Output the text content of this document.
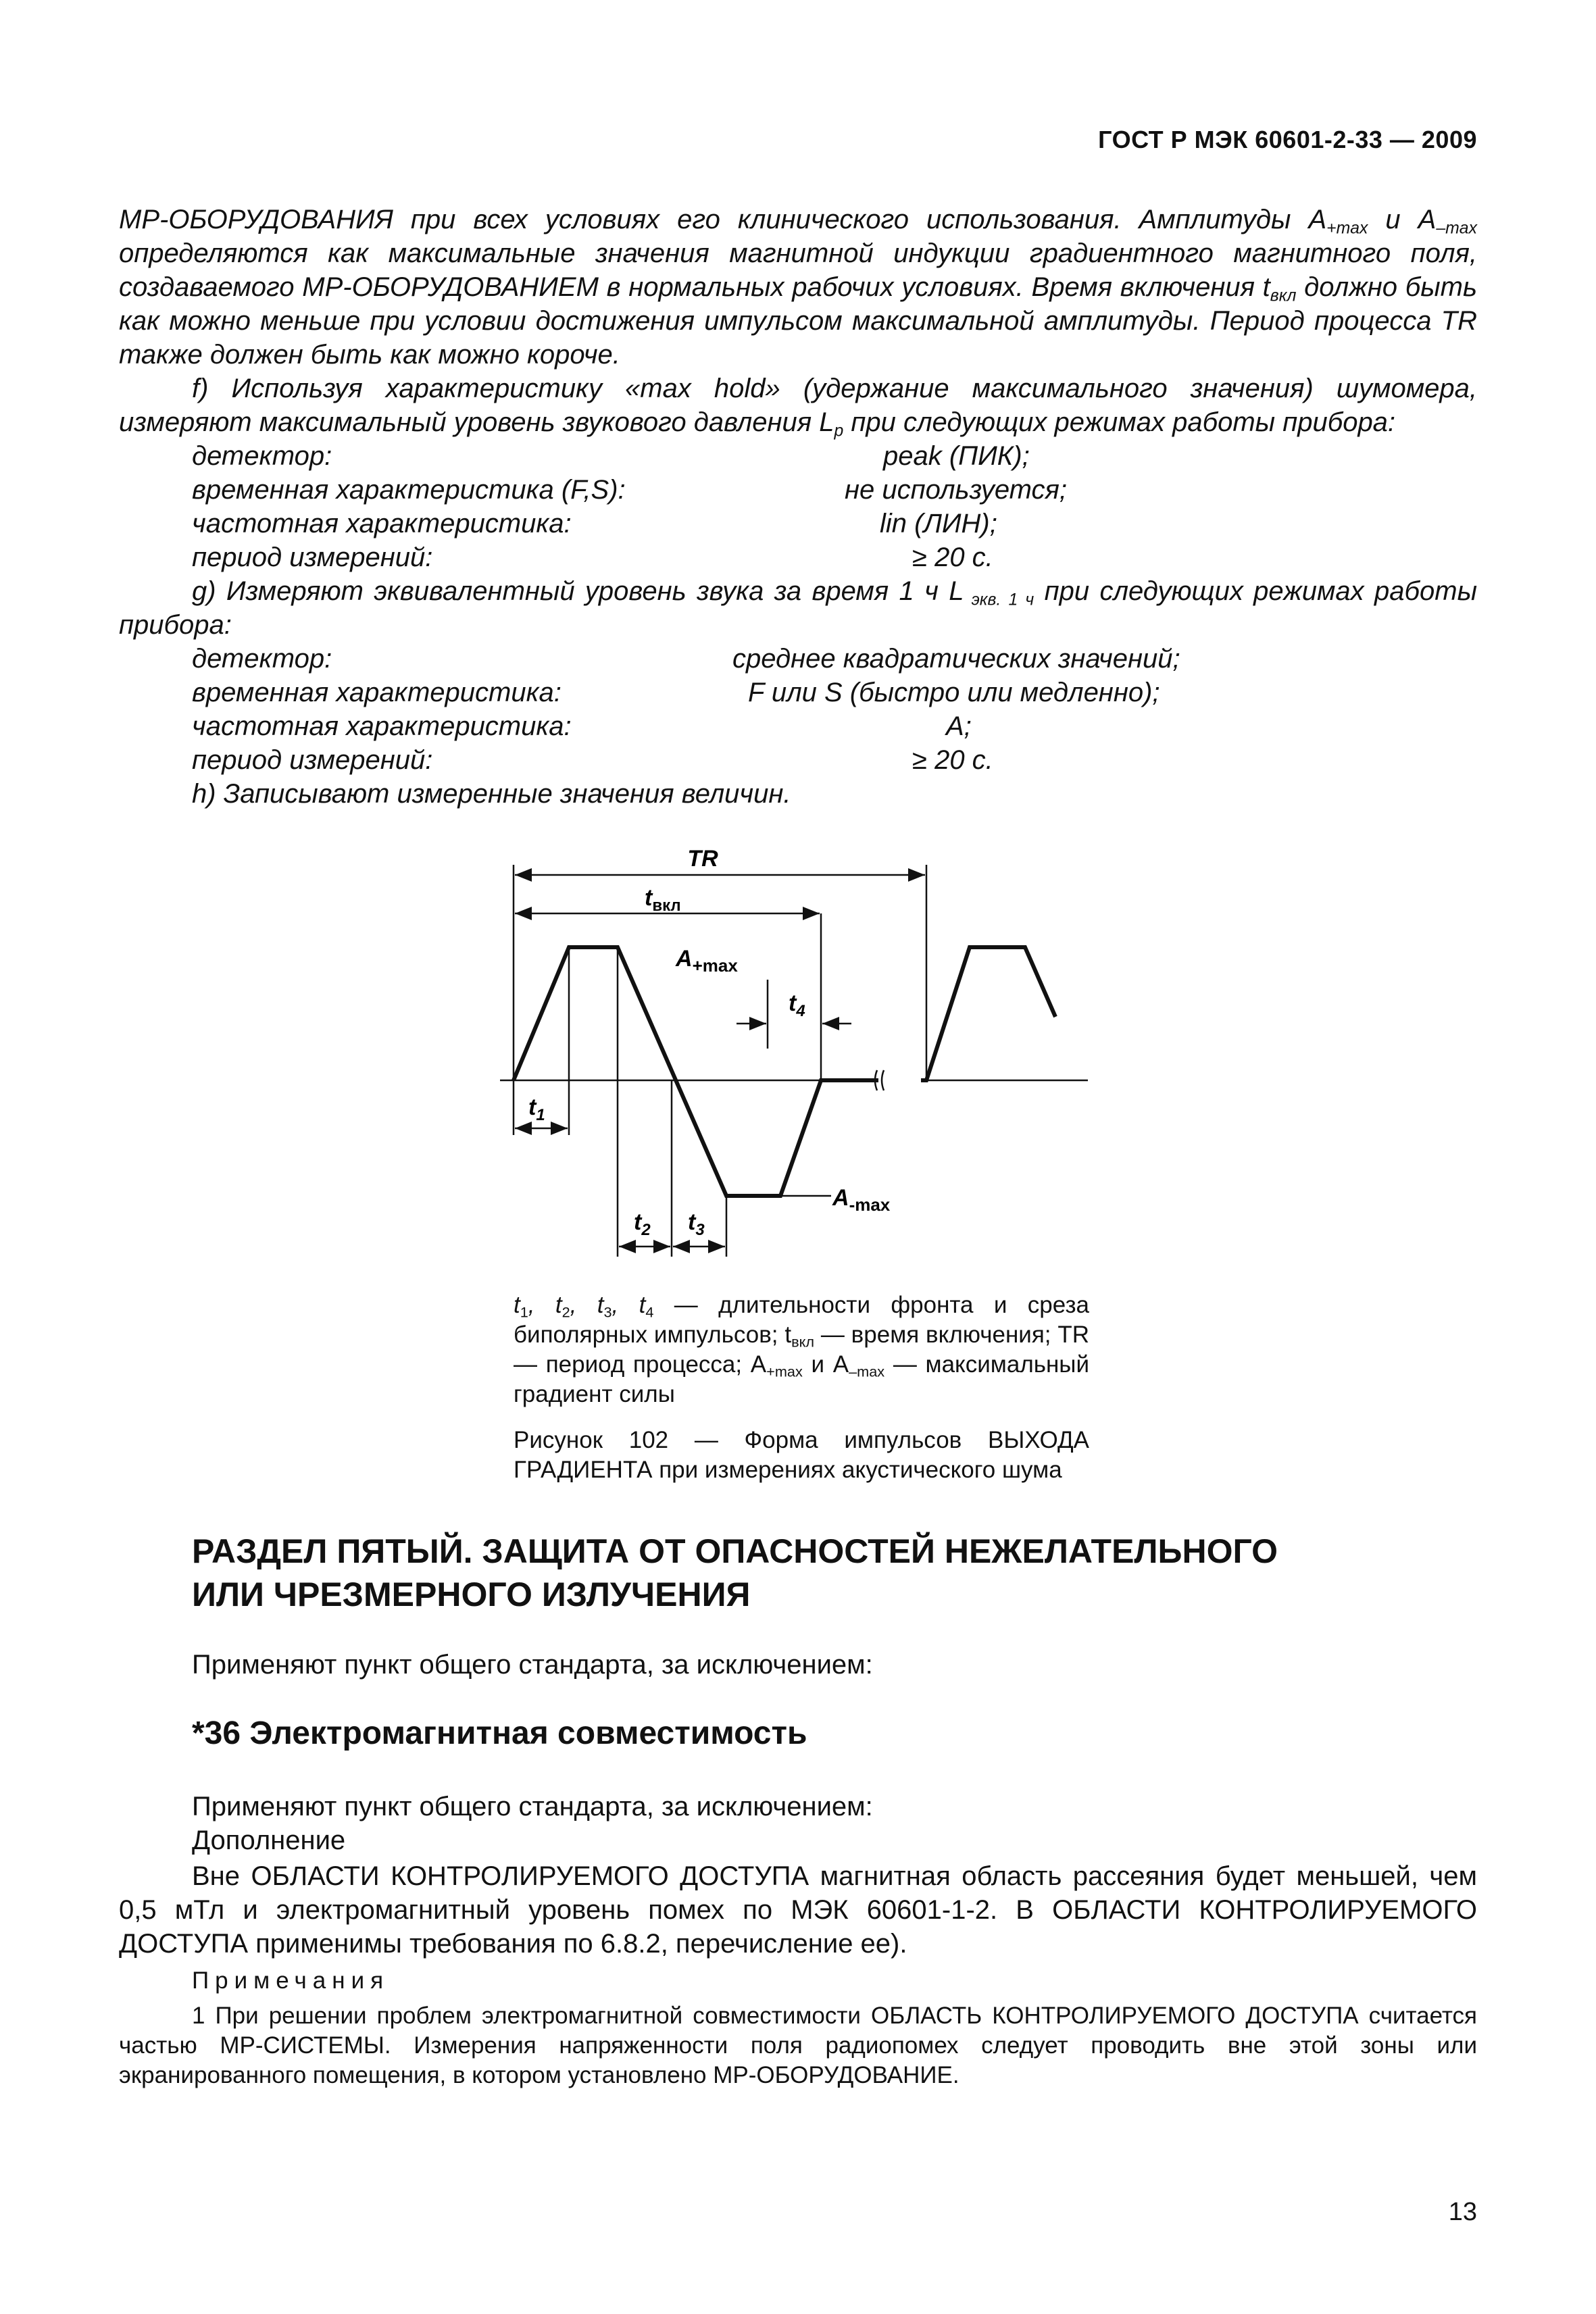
ГОСТ Р МЭК 60601-2-33 — 2009
МР-ОБОРУДОВАНИЯ при всех условиях его клинического использования. Амплитуды $A_{+max}$ и $A_{-max}$ определяются как максимальные значения магнитной индукции градиентного магнитного поля, создаваемого МР-ОБОРУДОВАНИЕМ в нормальных рабочих условиях. Время включения $t_{вкл}$ должно быть как можно меньше при условии достижения импульсом максимальной амплитуды. Период процесса TR также должен быть как можно короче.
f) Используя характеристику «max hold» (удержание максимального значения) шумомера, измеряют максимальный уровень звукового давления $L_p$ при следующих режимах работы прибора:
детектор:	peak (ПИК);
временная характеристика (F,S):	не используется;
частотная характеристика:	lin (ЛИН);
период измерений:	≥ 20 с.
g) Измеряют эквивалентный уровень звука за время 1 ч L $_{экв. 1 ч}$ при следующих режимах работы прибора:
детектор:	среднее квадратических значений;
временная характеристика:	F или S (быстро или медленно);
частотная характеристика:	A;
период измерений:	≥ 20 с.
h) Записывают измеренные значения величин.
TR
$t_{вкл}$
$A_{+max}$
$t_4$
$t_1$
$t_2$ $t_3$
$A_{-max}$
$t_1$, $t_2$, $t_3$, $t_4$ — длительности фронта и среза биполярных импульсов; $t_{вкл}$ — время включения; TR — период процесса; $A_{+max}$ и $A_{-max}$ — максимальный градиент силы
Рисунок 102 — Форма импульсов ВЫХОДА ГРАДИЕНТА при измерениях акустического шума
РАЗДЕЛ ПЯТЫЙ. ЗАЩИТА ОТ ОПАСНОСТЕЙ НЕЖЕЛАТЕЛЬНОГО
ИЛИ ЧРЕЗМЕРНОГО ИЗЛУЧЕНИЯ
Применяют пункт общего стандарта, за исключением:
*36 Электромагнитная совместимость
Применяют пункт общего стандарта, за исключением:
Дополнение
Вне ОБЛАСТИ КОНТРОЛИРУЕМОГО ДОСТУПА магнитная область рассеяния будет меньшей, чем 0,5 мТл и электромагнитный уровень помех по МЭК 60601-1-2. В ОБЛАСТИ КОНТРОЛИРУЕМОГО ДОСТУПА применимы требования по 6.8.2, перечисление ее).
Примечания
1 При решении проблем электромагнитной совместимости ОБЛАСТЬ КОНТРОЛИРУЕМОГО ДОСТУПА считается частью МР-СИСТЕМЫ. Измерения напряженности поля радиопомех следует проводить вне этой зоны или экранированного помещения, в котором установлено МР-ОБОРУДОВАНИЕ.
13
